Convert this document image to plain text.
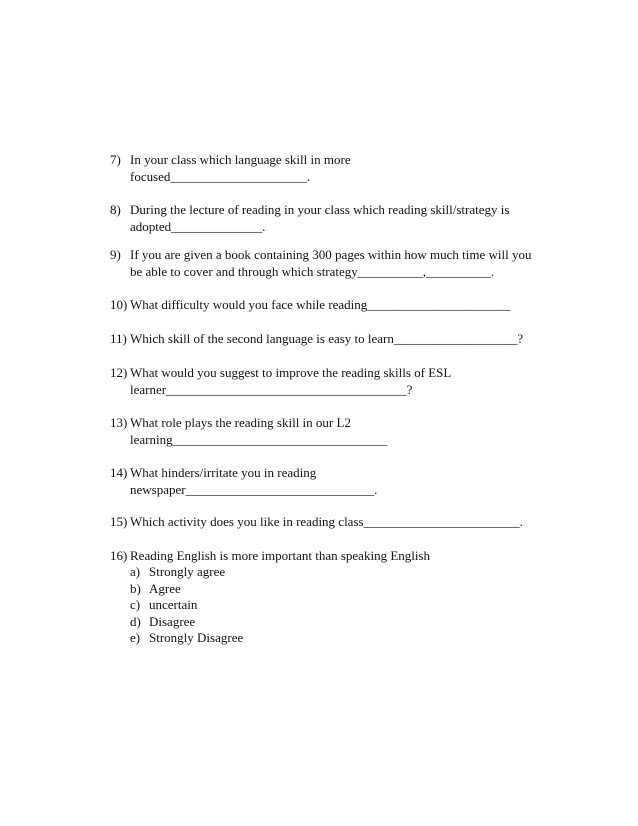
7) In your class which language skill in more
focused_____________________.
8) During the lecture of reading in your class which reading skill/strategy is
adopted______________.
9) If you are given a book containing 300 pages within how much time will you
be able to cover and through which strategy__________,__________.
10) What difficulty would you face while reading______________________
11) Which skill of the second language is easy to learn___________________?
12) What would you suggest to improve the reading skills of ESL
learner_____________________________________?
13) What role plays the reading skill in our L2
learning_________________________________
14) What hinders/irritate you in reading
newspaper_____________________________.
15) Which activity does you like in reading class________________________.
16) Reading English is more important than speaking English
a) Strongly agree
b) Agree
c) uncertain
d) Disagree
e) Strongly Disagree
